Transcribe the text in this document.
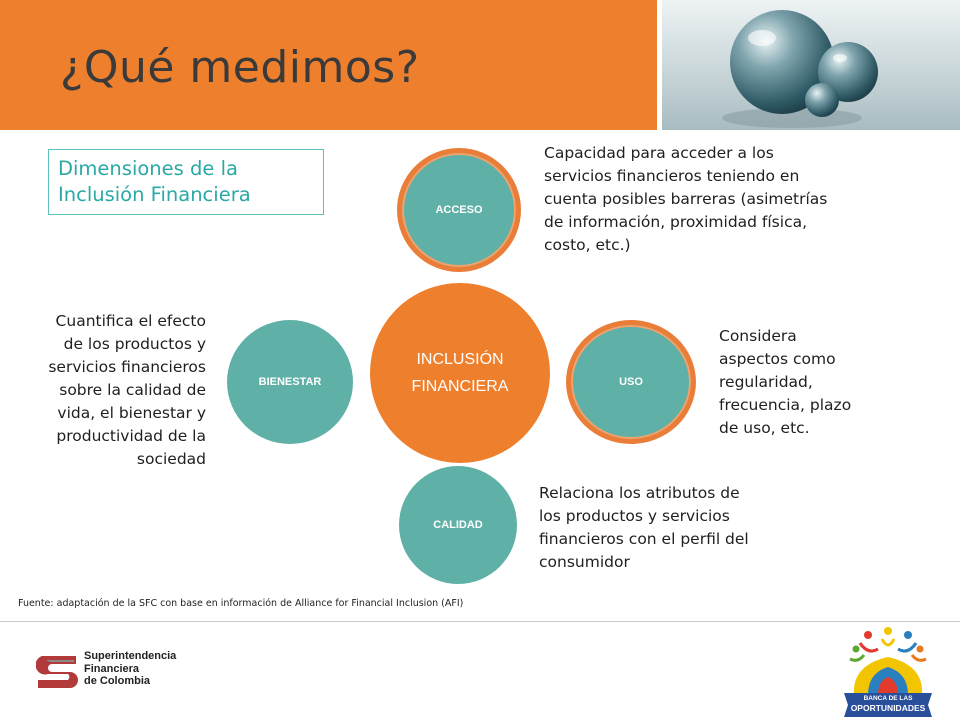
¿Qué medimos?
Dimensiones de la
Inclusión Financiera
ACCESO
INCLUSIÓN
FINANCIERA	USO
BIENESTAR
CALIDAD
Capacidad para acceder a los
servicios financieros teniendo en
cuenta posibles barreras (asimetrías
de información, proximidad física,
costo, etc.)
Considera
aspectos como
regularidad,
frecuencia, plazo
de uso, etc.
Relaciona los atributos de
los productos y servicios
financieros con el perfil del
consumidor
Cuantifica el efecto
de los productos y
servicios financieros
sobre la calidad de
vida, el bienestar y
productividad de la
sociedad
Fuente: adaptación de la SFC con base en información de Alliance for Financial Inclusion (AFI)
Superintendencia
Financiera
de Colombia
BANCA DE LAS
OPORTUNIDADES
